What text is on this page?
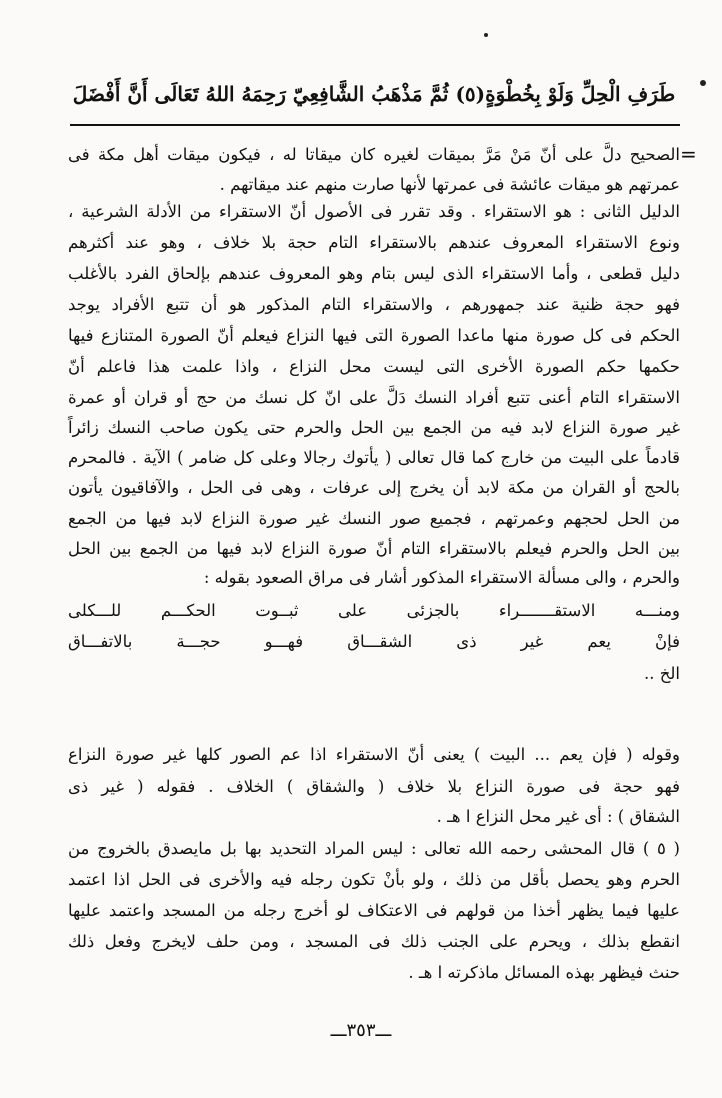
طَرَفِ الْحِلِّ وَلَوْ بِخُطْوَةٍ(٥) ثُمَّ مَذْهَبُ الشَّافِعِيّ رَحِمَهُ اللهُ تَعَالَى أَنَّ أَفْضَلَ
=
الصحيح دلَّ على أنّ مَنْ مَرَّ بميقات لغيره كان ميقاتا له ، فيكون ميقات أهل مكة فى
عمرتهم هو ميقات عائشة فى عمرتها لأنها صارت منهم عند ميقاتهم .
الدليل الثانى : هو الاستقراء . وقد تقرر فى الأصول أنّ الاستقراء من الأدلة الشرعية ،
ونوع الاستقراء المعروف عندهم بالاستقراء التام حجة بلا خلاف ، وهو عند أكثرهم
دليل قطعى ، وأما الاستقراء الذى ليس بتام وهو المعروف عندهم بإلحاق الفرد بالأغلب
فهو حجة ظنية عند جمهورهم ، والاستقراء التام المذكور هو أن تتبع الأفراد يوجد
الحكم فى كل صورة منها ماعدا الصورة التى فيها النزاع فيعلم أنّ الصورة المتنازع فيها
حكمها حكم الصورة الأخرى التى ليست محل النزاع ، واذا علمت هذا فاعلم أنّ
الاستقراء التام أعنى تتبع أفراد النسك دَلَّ على انّ كل نسك من حج أو قران أو عمرة
غير صورة النزاع لابد فيه من الجمع بين الحل والحرم حتى يكون صاحب النسك زائراً
قادماً على البيت من خارج كما قال تعالى ( يأتوك رجالا وعلى كل ضامر ) الآية . فالمحرم
بالحج أو القران من مكة لابد أن يخرج إلى عرفات ، وهى فى الحل ، والآفاقيون يأتون
من الحل لحجهم وعمرتهم ، فجميع صور النسك غير صورة النزاع لابد فيها من الجمع
بين الحل والحرم فيعلم بالاستقراء التام أنّ صورة النزاع لابد فيها من الجمع بين الحل
والحرم ، والى مسألة الاستقراء المذكور أشار فى مراق الصعود بقوله :
ومنـــه الاستقـــــــراء بالجزئى على ثبــوت الحكـــم للـــكلى
فإنْ يعم غير ذى الشقـــاق فهـــو حجـــة بالاتفـــاق
الخ ..
وقوله ( فإن يعم ... البيت ) يعنى أنّ الاستقراء اذا عم الصور كلها غير صورة النزاع
فهو حجة فى صورة النزاع بلا خلاف ( والشقاق ) الخلاف . فقوله ( غير ذى
الشقاق ) : أى غير محل النزاع ا هـ .
( ٥ ) قال المحشى رحمه الله تعالى : ليس المراد التحديد بها بل مايصدق بالخروج من
الحرم وهو يحصل بأقل من ذلك ، ولو بأنْ تكون رجله فيه والأخرى فى الحل اذا اعتمد
عليها فيما يظهر أخذا من قولهم فى الاعتكاف لو أخرج رجله من المسجد واعتمد عليها
انقطع بذلك ، ويحرم على الجنب ذلك فى المسجد ، ومن حلف لايخرج وفعل ذلك
حنث فيظهر بهذه المسائل ماذكرته ا هـ .
ـــ٣٥٣ـــ
